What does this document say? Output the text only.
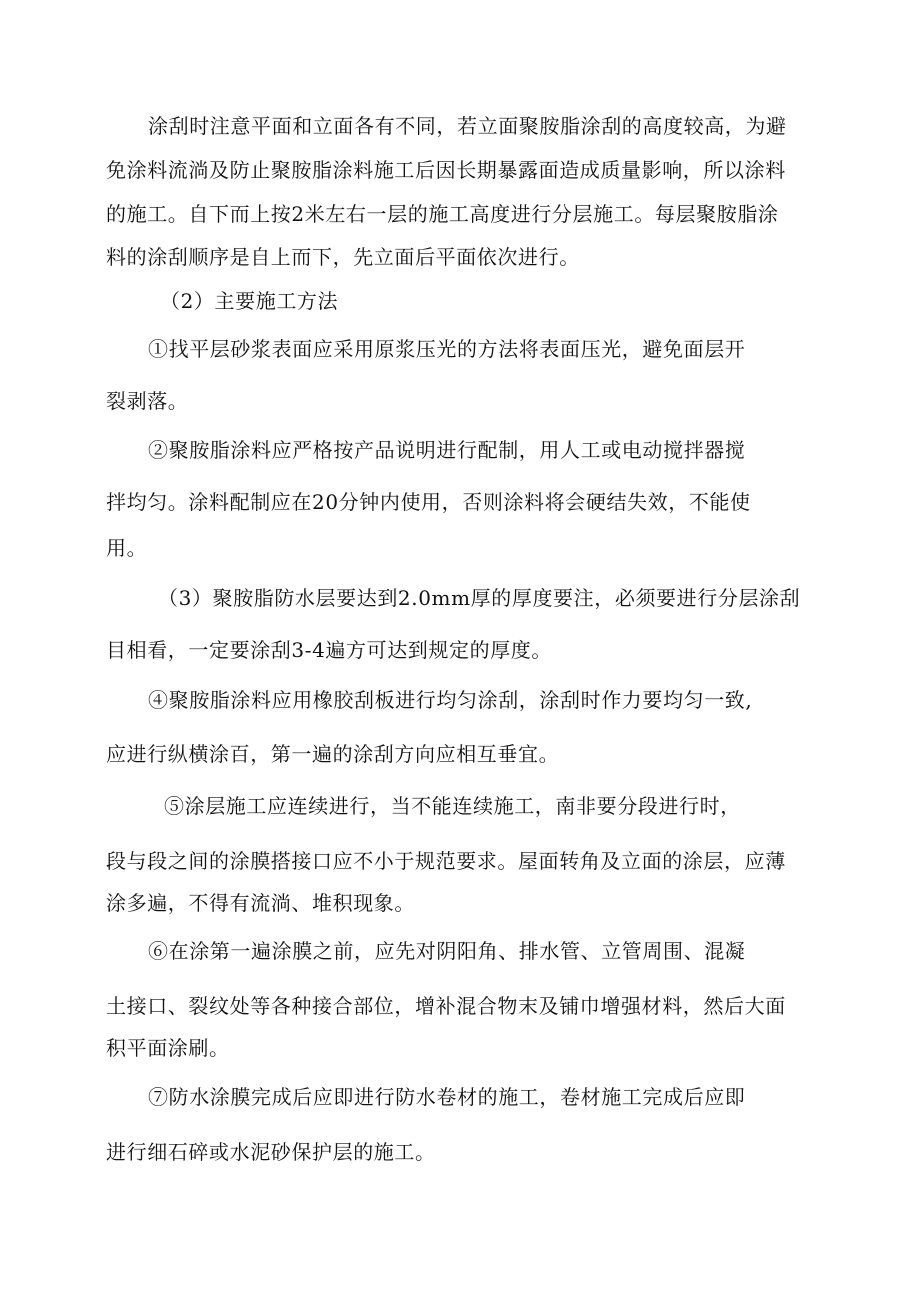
涂刮时注意平面和立面各有不同，若立面聚胺脂涂刮的高度较高，为避
免涂料流淌及防止聚胺脂涂料施工后因长期暴露面造成质量影响，所以涂料
的施工。自下而上按2米左右一层的施工高度进行分层施工。每层聚胺脂涂
料的涂刮顺序是自上而下，先立面后平面依次进行。
（2）主要施工方法
①找平层砂浆表面应采用原浆压光的方法将表面压光，避免面层开
裂剥落。
②聚胺脂涂料应严格按产品说明进行配制，用人工或电动搅拌器搅
拌均匀。涂料配制应在20分钟内使用，否则涂料将会硬结失效，不能使
用。
（3）聚胺脂防水层要达到2.0mm厚的厚度要注，必须要进行分层涂刮
目相看，一定要涂刮3-4遍方可达到规定的厚度。
④聚胺脂涂料应用橡胶刮板进行均匀涂刮，涂刮时作力要均匀一致,
应进行纵横涂百，第一遍的涂刮方向应相互垂宜。
⑤涂层施工应连续进行，当不能连续施工，南非要分段进行时，
段与段之间的涂膜搭接口应不小于规范要求。屋面转角及立面的涂层，应薄
涂多遍，不得有流淌、堆积现象。
⑥在涂第一遍涂膜之前，应先对阴阳角、排水管、立管周围、混凝
土接口、裂纹处等各种接合部位，增补混合物末及铺巾增强材料，然后大面
积平面涂刷。
⑦防水涂膜完成后应即进行防水卷材的施工，卷材施工完成后应即
进行细石碎或水泥砂保护层的施工。
